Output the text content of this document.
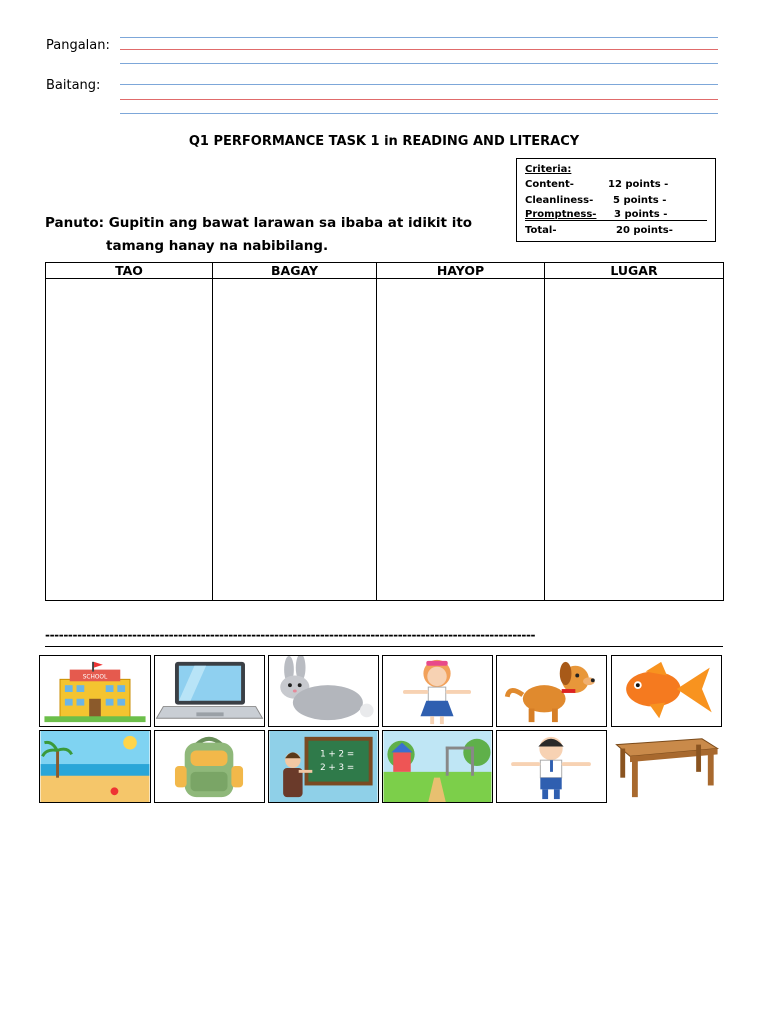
Pangalan:
Baitang:
Q1 PERFORMANCE TASK 1 in READING AND LITERACY
Panuto: Gupitin ang bawat larawan sa ibaba at idikit ito
tamang hanay na nabibilang.
Criteria:
Content-	12 points -
Cleanliness- 5 points -
Promptness- 3 points -
Total-	20 points-
TAO	BAGAY	HAYOP	LUGAR

-----------------------------------------------------------------------------------------------------------
SCHOOL
1 + 2 =
2 + 3 =
